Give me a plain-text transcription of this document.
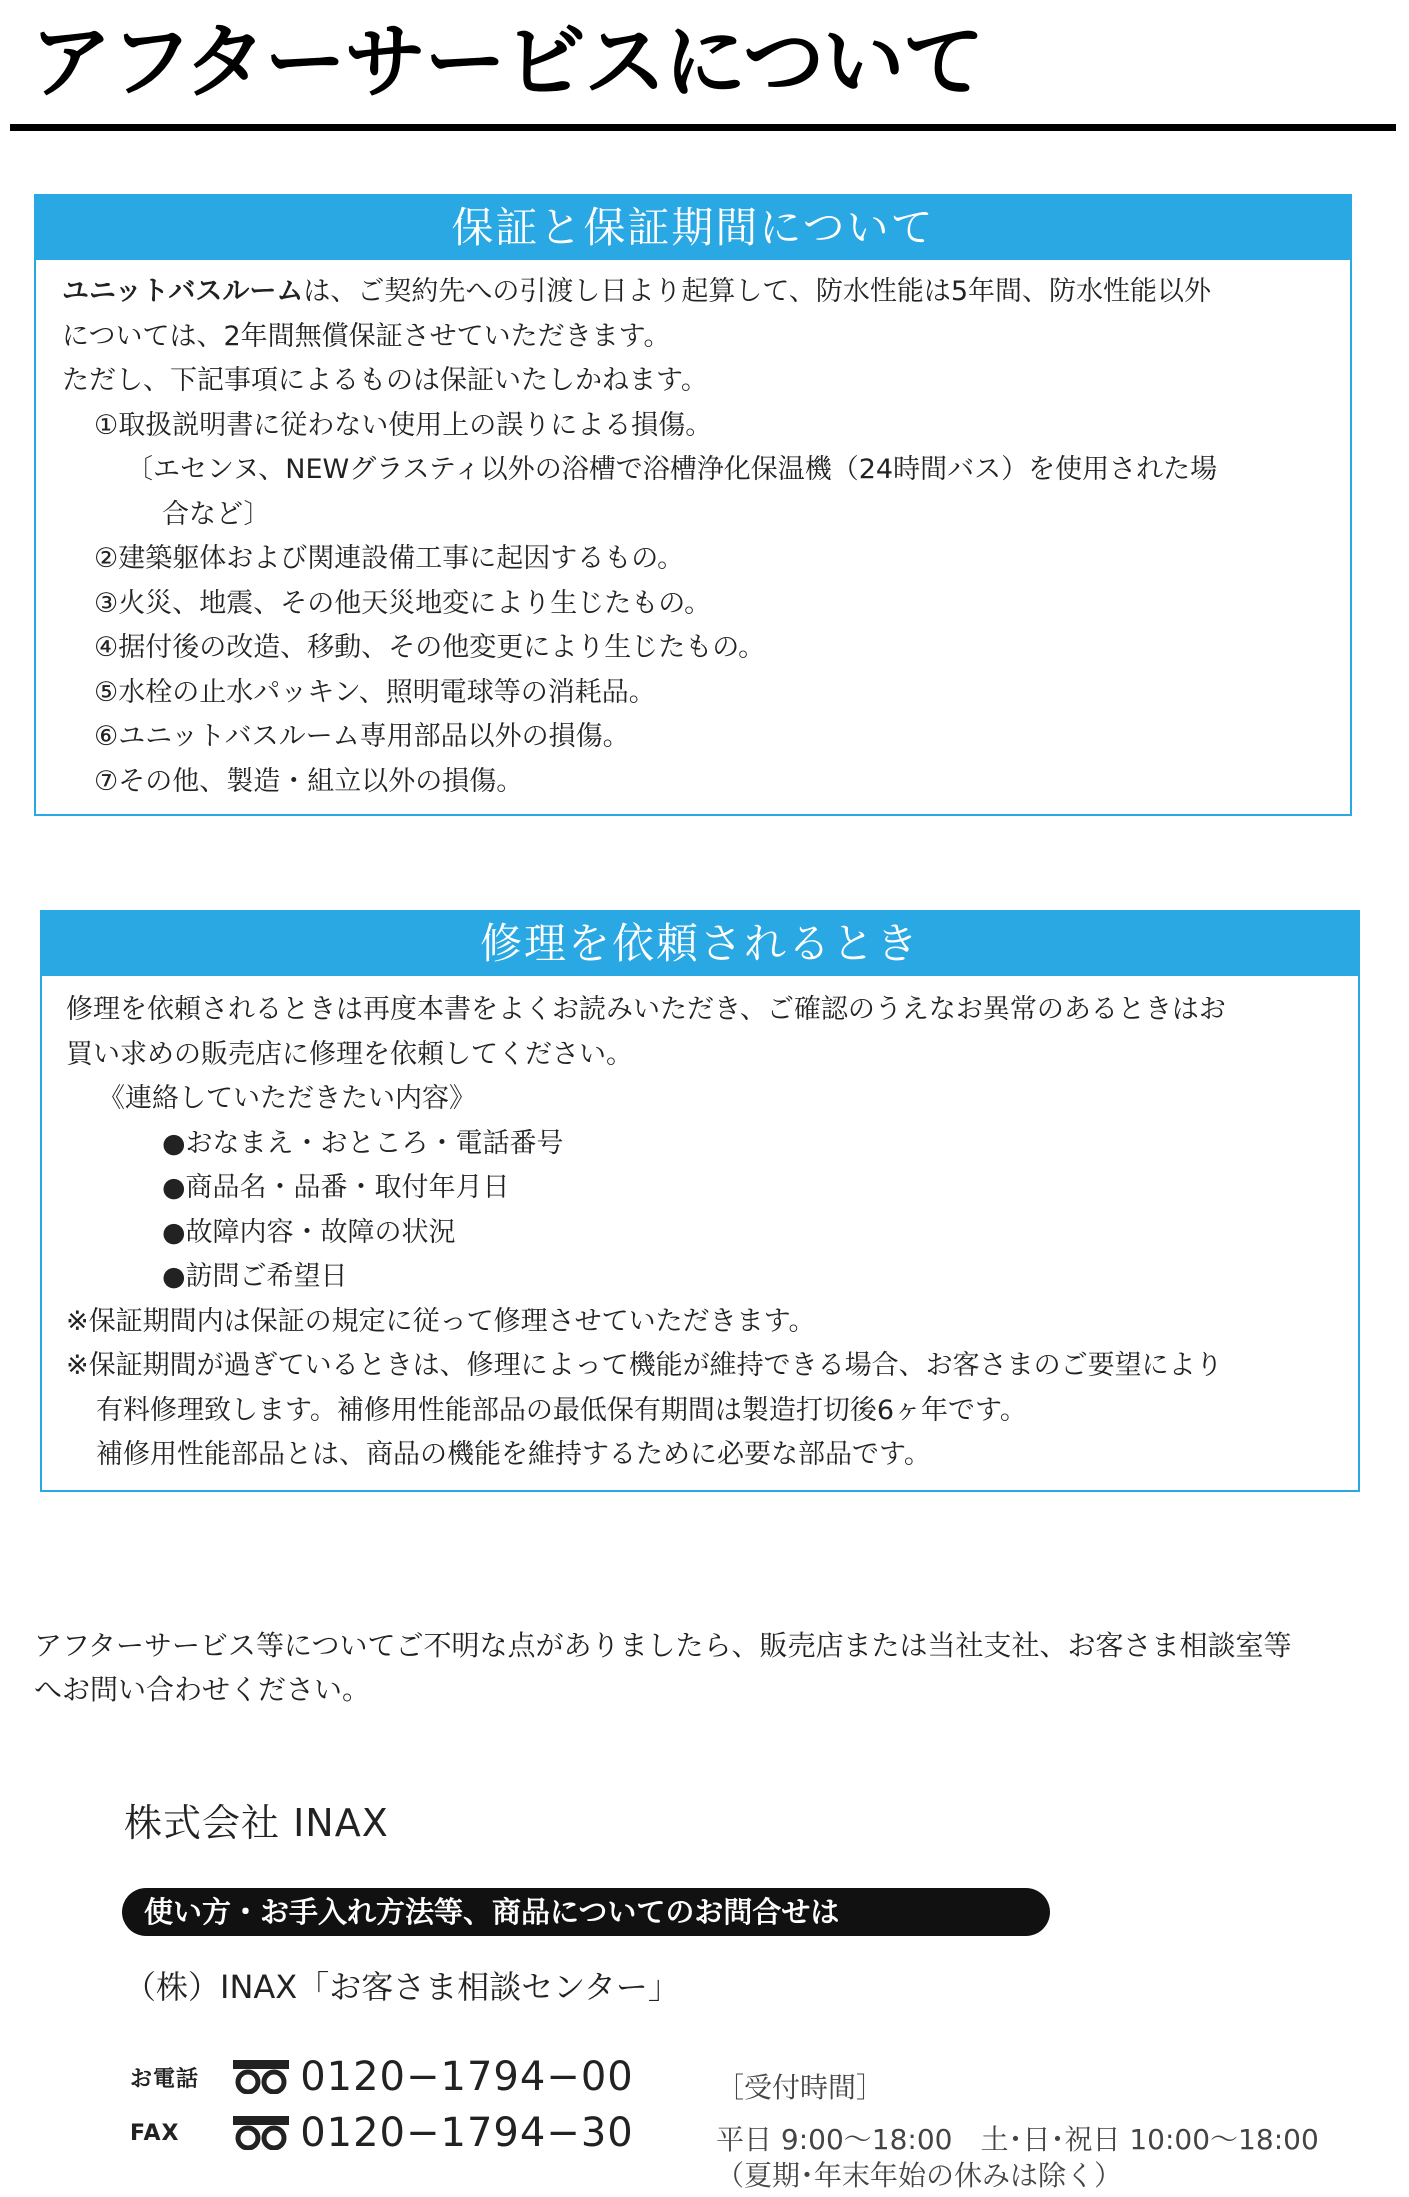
アフターサービスについて
保証と保証期間について
ユニットバスルームは、ご契約先への引渡し日より起算して、防水性能は5年間、防水性能以外
については、2年間無償保証させていただきます。
ただし、下記事項によるものは保証いたしかねます。
①取扱説明書に従わない使用上の誤りによる損傷。
〔エセンヌ、NEWグラスティ以外の浴槽で浴槽浄化保温機（24時間バス）を使用された場
合など〕
②建築躯体および関連設備工事に起因するもの。
③火災、地震、その他天災地変により生じたもの。
④据付後の改造、移動、その他変更により生じたもの。
⑤水栓の止水パッキン、照明電球等の消耗品。
⑥ユニットバスルーム専用部品以外の損傷。
⑦その他、製造・組立以外の損傷。
修理を依頼されるとき
修理を依頼されるときは再度本書をよくお読みいただき、ご確認のうえなお異常のあるときはお
買い求めの販売店に修理を依頼してください。
《連絡していただきたい内容》
●おなまえ・おところ・電話番号
●商品名・品番・取付年月日
●故障内容・故障の状況
●訪問ご希望日
※保証期間内は保証の規定に従って修理させていただきます。
※保証期間が過ぎているときは、修理によって機能が維持できる場合、お客さまのご要望により
有料修理致します。補修用性能部品の最低保有期間は製造打切後6ヶ年です。
補修用性能部品とは、商品の機能を維持するために必要な部品です。
アフターサービス等についてご不明な点がありましたら、販売店または当社支社、お客さま相談室等
へお問い合わせください。
株式会社 INAX
使い方・お手入れ方法等、商品についてのお問合せは
（株）INAX「お客さま相談センター」
お電話	0120−1794−00
FAX	0120−1794−30
［受付時間］
平日 9:00〜18:00　土･日･祝日 10:00〜18:00
（夏期･年末年始の休みは除く）
